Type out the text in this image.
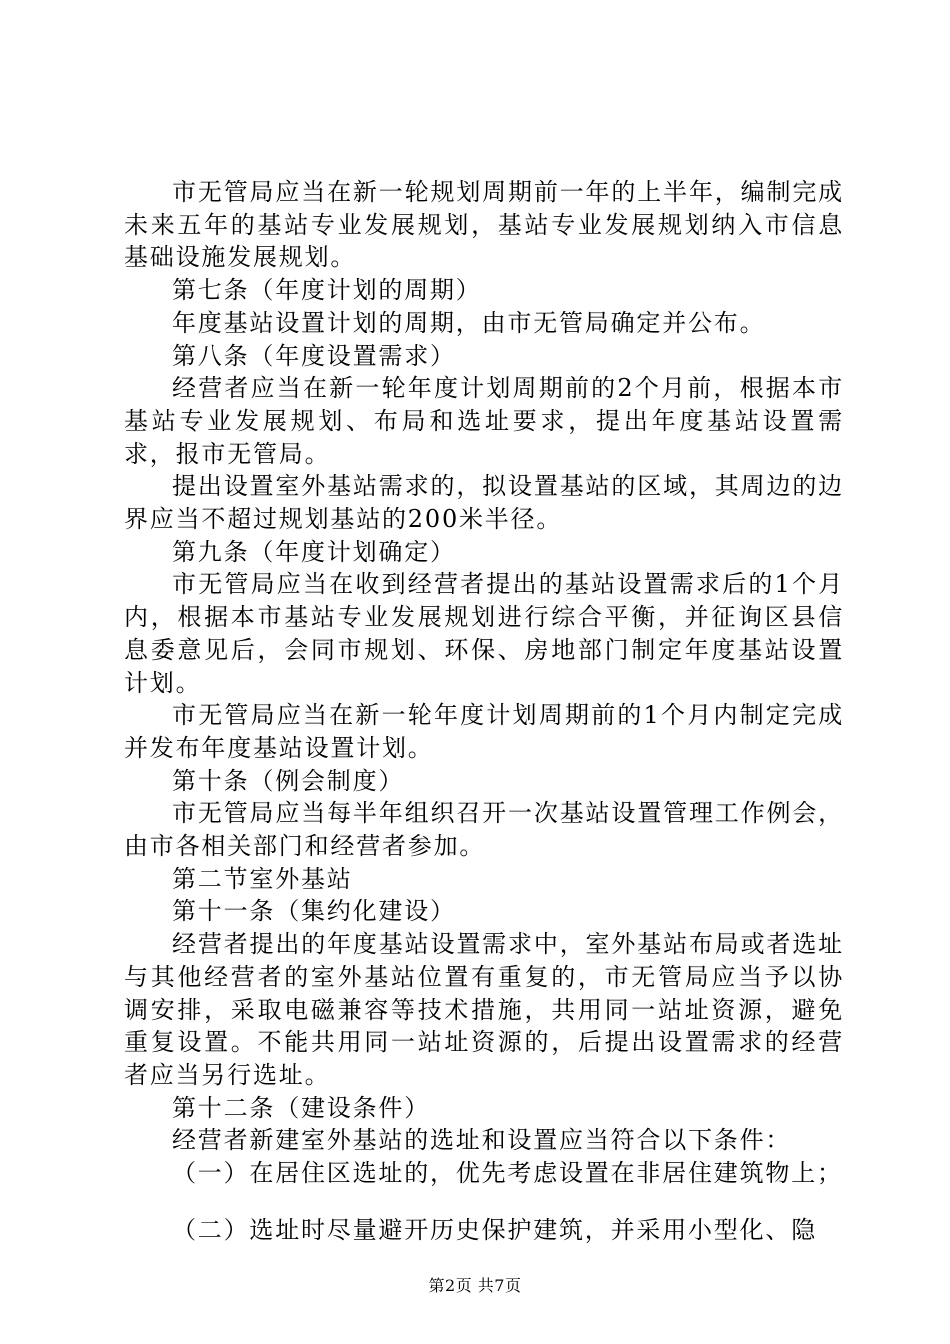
市无管局应当在新一轮规划周期前一年的上半年，编制完成未来五年的基站专业发展规划，基站专业发展规划纳入市信息基础设施发展规划。

第七条（年度计划的周期）

年度基站设置计划的周期，由市无管局确定并公布。

第八条（年度设置需求）

经营者应当在新一轮年度计划周期前的2个月前，根据本市基站专业发展规划、布局和选址要求，提出年度基站设置需求，报市无管局。

提出设置室外基站需求的，拟设置基站的区域，其周边的边界应当不超过规划基站的200米半径。

第九条（年度计划确定）

市无管局应当在收到经营者提出的基站设置需求后的1个月内，根据本市基站专业发展规划进行综合平衡，并征询区县信息委意见后，会同市规划、环保、房地部门制定年度基站设置计划。

市无管局应当在新一轮年度计划周期前的1个月内制定完成并发布年度基站设置计划。

第十条（例会制度）

市无管局应当每半年组织召开一次基站设置管理工作例会，由市各相关部门和经营者参加。

第二节室外基站

第十一条（集约化建设）

经营者提出的年度基站设置需求中，室外基站布局或者选址与其他经营者的室外基站位置有重复的，市无管局应当予以协调安排，采取电磁兼容等技术措施，共用同一站址资源，避免重复设置。不能共用同一站址资源的，后提出设置需求的经营者应当另行选址。

第十二条（建设条件）

经营者新建室外基站的选址和设置应当符合以下条件：

（一）在居住区选址的，优先考虑设置在非居住建筑物上；

（二）选址时尽量避开历史保护建筑，并采用小型化、隐

第2页 共7页
